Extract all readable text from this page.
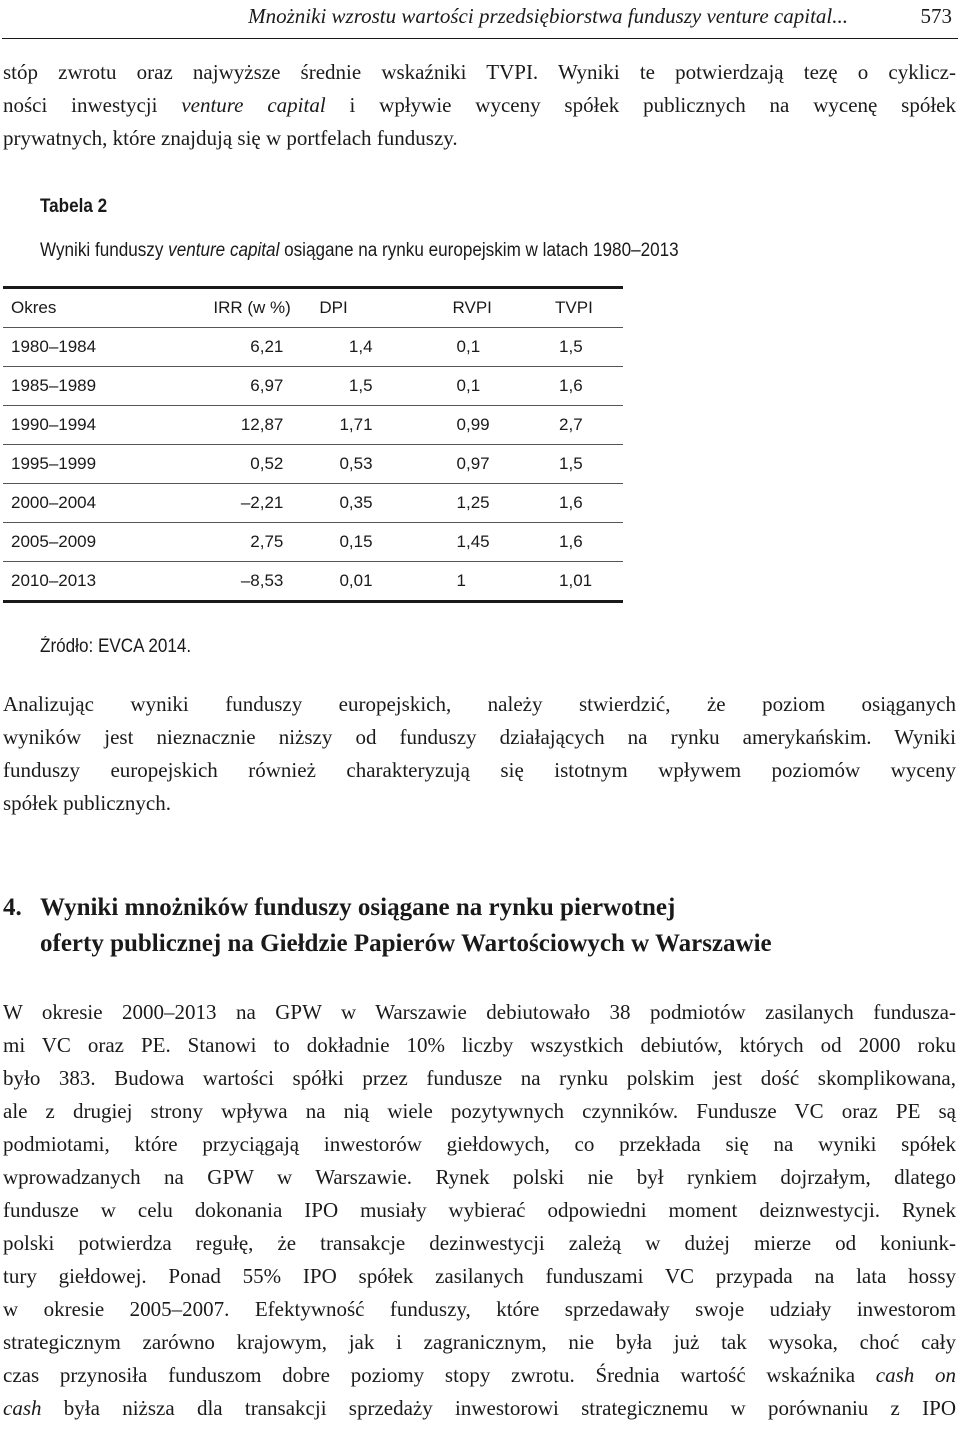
Mnożniki wzrostu wartości przedsiębiorstwa funduszy venture capital...	573
stóp zwrotu oraz najwyższe średnie wskaźniki TVPI. Wyniki te potwierdzają tezę o cyklicz-
ności inwestycji venture capital i wpływie wyceny spółek publicznych na wycenę spółek
prywatnych, które znajdują się w portfelach funduszy.
Tabela 2
Wyniki funduszy venture capital osiągane na rynku europejskim w latach 1980–2013
Okres	IRR (w %)	DPI	RVPI	TVPI
1980–1984	6,21	1,4	0,1	1,5
1985–1989	6,97	1,5	0,1	1,6
1990–1994	12,87	1,71	0,99	2,7
1995–1999	0,52	0,53	0,97	1,5
2000–2004	–2,21	0,35	1,25	1,6
2005–2009	2,75	0,15	1,45	1,6
2010–2013	–8,53	0,01	1	1,01
Źródło: EVCA 2014.
Analizując wyniki funduszy europejskich, należy stwierdzić, że poziom osiąganych
wyników jest nieznacznie niższy od funduszy działających na rynku amerykańskim. Wyniki
funduszy europejskich również charakteryzują się istotnym wpływem poziomów wyceny
spółek publicznych.
4. Wyniki mnożników funduszy osiągane na rynku pierwotnej
oferty publicznej na Giełdzie Papierów Wartościowych w Warszawie
W okresie 2000–2013 na GPW w Warszawie debiutowało 38 podmiotów zasilanych fundusza-
mi VC oraz PE. Stanowi to dokładnie 10% liczby wszystkich debiutów, których od 2000 roku
było 383. Budowa wartości spółki przez fundusze na rynku polskim jest dość skomplikowana,
ale z drugiej strony wpływa na nią wiele pozytywnych czynników. Fundusze VC oraz PE są
podmiotami, które przyciągają inwestorów giełdowych, co przekłada się na wyniki spółek
wprowadzanych na GPW w Warszawie. Rynek polski nie był rynkiem dojrzałym, dlatego
fundusze w celu dokonania IPO musiały wybierać odpowiedni moment deiznwestycji. Rynek
polski potwierdza regułę, że transakcje dezinwestycji zależą w dużej mierze od koniunk-
tury giełdowej. Ponad 55% IPO spółek zasilanych funduszami VC przypada na lata hossy
w okresie 2005–2007. Efektywność funduszy, które sprzedawały swoje udziały inwestorom
strategicznym zarówno krajowym, jak i zagranicznym, nie była już tak wysoka, choć cały
czas przynosiła funduszom dobre poziomy stopy zwrotu. Średnia wartość wskaźnika cash on
cash była niższa dla transakcji sprzedaży inwestorowi strategicznemu w porównaniu z IPO
